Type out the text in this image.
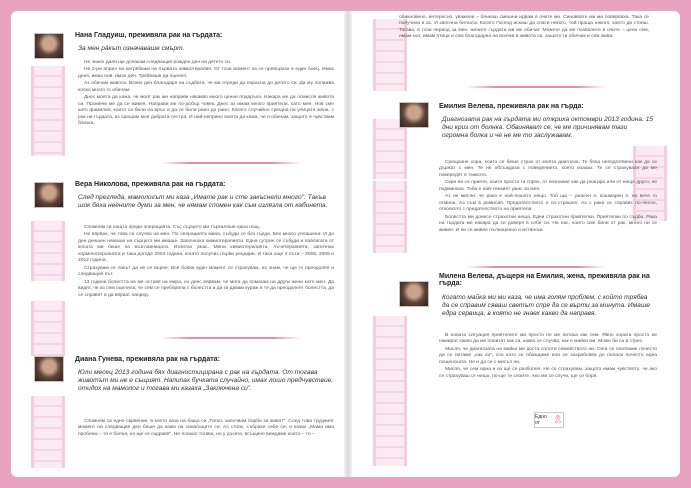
Нана Гладуиш, преживяла рак на гърдата:
За мен рäкът означаваше смърт.

Не знаех дали ще дочакам следващия рожден ден на детето си.

На 2-ри април на катрёбвам на първата химиотерапия. От този момент аз се превърнах в един боец. Имах деня, имах нов, имах ден. Трябваше да оцелея.

Аз обичам живота. Всеки ден благодаря на съдбата, че ми отреди да порасна до детето си. Да му попажва колко много го обичам.

Днес моята да кажа, че моят рак ми направи някакво много ценни подаръка. Накара ме да осмисля живота си. Промени ме да се живея. Направи ме по-добър човек. Днес аз имам много приятели, като мен. Нов сме като фамилия, които са били на връх и да се били рано до рано. Когато случайно срещна на улицата жена, с рак на гърдата, аз срещам моя добрата сестра. И най-неприно моята да кажа, че я обичам, защото я чувствам близка.

Вера Николова, преживяла рак на гърдата:
След прегледа, мамологът ми каза „Имате рак и сте закъснели много". Такъв шок бяха неёните думи за мен, че нямам спомен как съм излязла от кабинета.

Спомням си нощта преди операцията. Със сърцето ми търкаляше една нощ.

Не вярвах, че това се случва на мен. По операцията мина, събуди се без гърда. Бях много уплашена. И до ден днешен нямаше на сърцето ми имаше. Започнаха химиотерапията. Една сутрин се събуди и повлагата от косата ми беше на възглавницата. Изпитах ужас. Мина химиотерапията, лъчетерапията, започнах хормонотерапията и така догоде 2004 година, когато получих първи рецидив. И така още 3 пъти – 2006, 2008 и 2012 година.

Страхувам се лакът да не се върне. Всё бояки един момент се страхувам, но знам, че ще го преодолея и следващия път.

13 години болестта не ме оставя на мира, но днес вярвам, че мога да помагам на други жени като мен. Да видят, че аз сем оцеляла, че сем се преборила с болестта и да ги давам кураж и те да преодолеят болестта, да се справят и да вярват напред.

Диана Гунева, преживяла рак на гърдата:
Юли месец 2013 година бях диагностицирана с рак на гърдата. От тогава животът ми не е същият. Напипах бучката случайно, имах лошо предчувствие, отидох на мамолог и тогава ми казаха „Заключена си".

Спомням си едно сврвение, в което каза на баща си „Татко, започвам борба за живот". След това трудният момент на следващия ден беше да кажа на сина/ъщите си. Аз стоях, събрахя себе си, и казах „Мама има проблем – тя е болна, но ще се оздравя". Не плакал тогава, но у досега, всъщине виждаме които – то –

обикновено, интересно, уважени – бликаш смешни идвам в очите ми. Синоввате ми ми повярваха. Така се получиха и ас. И започна битката. Когато Господ искаш да спаси някого, той праща някого, което да стоиш. Тогава, в този период за мен, жените гърдата ми ме обичат. Можете да ме похвалите в очите – цена сем, имам кол, имам птица и сем благодарна на всички в живота си, защото ги обичам и сем жива.
Емилия Велева, преживяла рак на гърда:
Диагнозата рак на гърдата ми откриха октомври 2013 година. 15 дни криз от болнка. Обвиняват се, че ме причинявам тази огромна болка и че не ме то заслужавам.

Срещахне хора, които се беше страх от моята диагноза. Те бяха неподготвени как да се държат с мен. Те не обсъждаха с поведението, което изахах. Те се страхуваха да ме повередят в тежкото.

Скри ни се прияте, които просто ги спрях, от незнание как да реагира или от нещо друго, не подминаха. Тоба е най-тежкият ужас за мен.

Аз не мисли, че рака е най-лошото нещо. Тоб ща – ужасен е, кошмарен е, но вече го отмина. Аз съм в ремисия. Предателството е по-страшно. Аз с рака се справих по-лесно, отколкото с предателството на приятели.

Болестта ми донесе страхотни неща. Едни страхотни приятелки. Приятелки по съдба. Рака на гърдата ме накара да се доверя в себе си. На нас, които сме били от рак, много ни се живее. И ни се живее пълноценно и истински.

Милена Велева, дъщеря на Емилия, жена, преживяла рак на гърда:
Когато майка ми ми каза, че има голям проблем, с който трябва да се справим сяваш светът спря да се върти за минута. Имаше едра сервица, в която не знаех какво да направя.

В новата ситуация приятелите ми просто не ме питаха как сем. Явно хората просто не намират какво да ме попитат как си, какво се случва, как е майка ми. Може би са в стрес.

Мисля, че диагнозата на майка ми доста сплоти семейството ни. Сега се опитваме почесто да се питаме „как си", спо като се обаждаме или се захраблява до поласи почесто една пощенската. Не и да се с мисъл ни.

Мисля, че сем една и аз ще се разболея. Не се страхувам, защото имам чувството, че ако се страхуваш от нещо, по-ще те споите. Ако ми се случи, ще се боря.

Едно от	🎗
